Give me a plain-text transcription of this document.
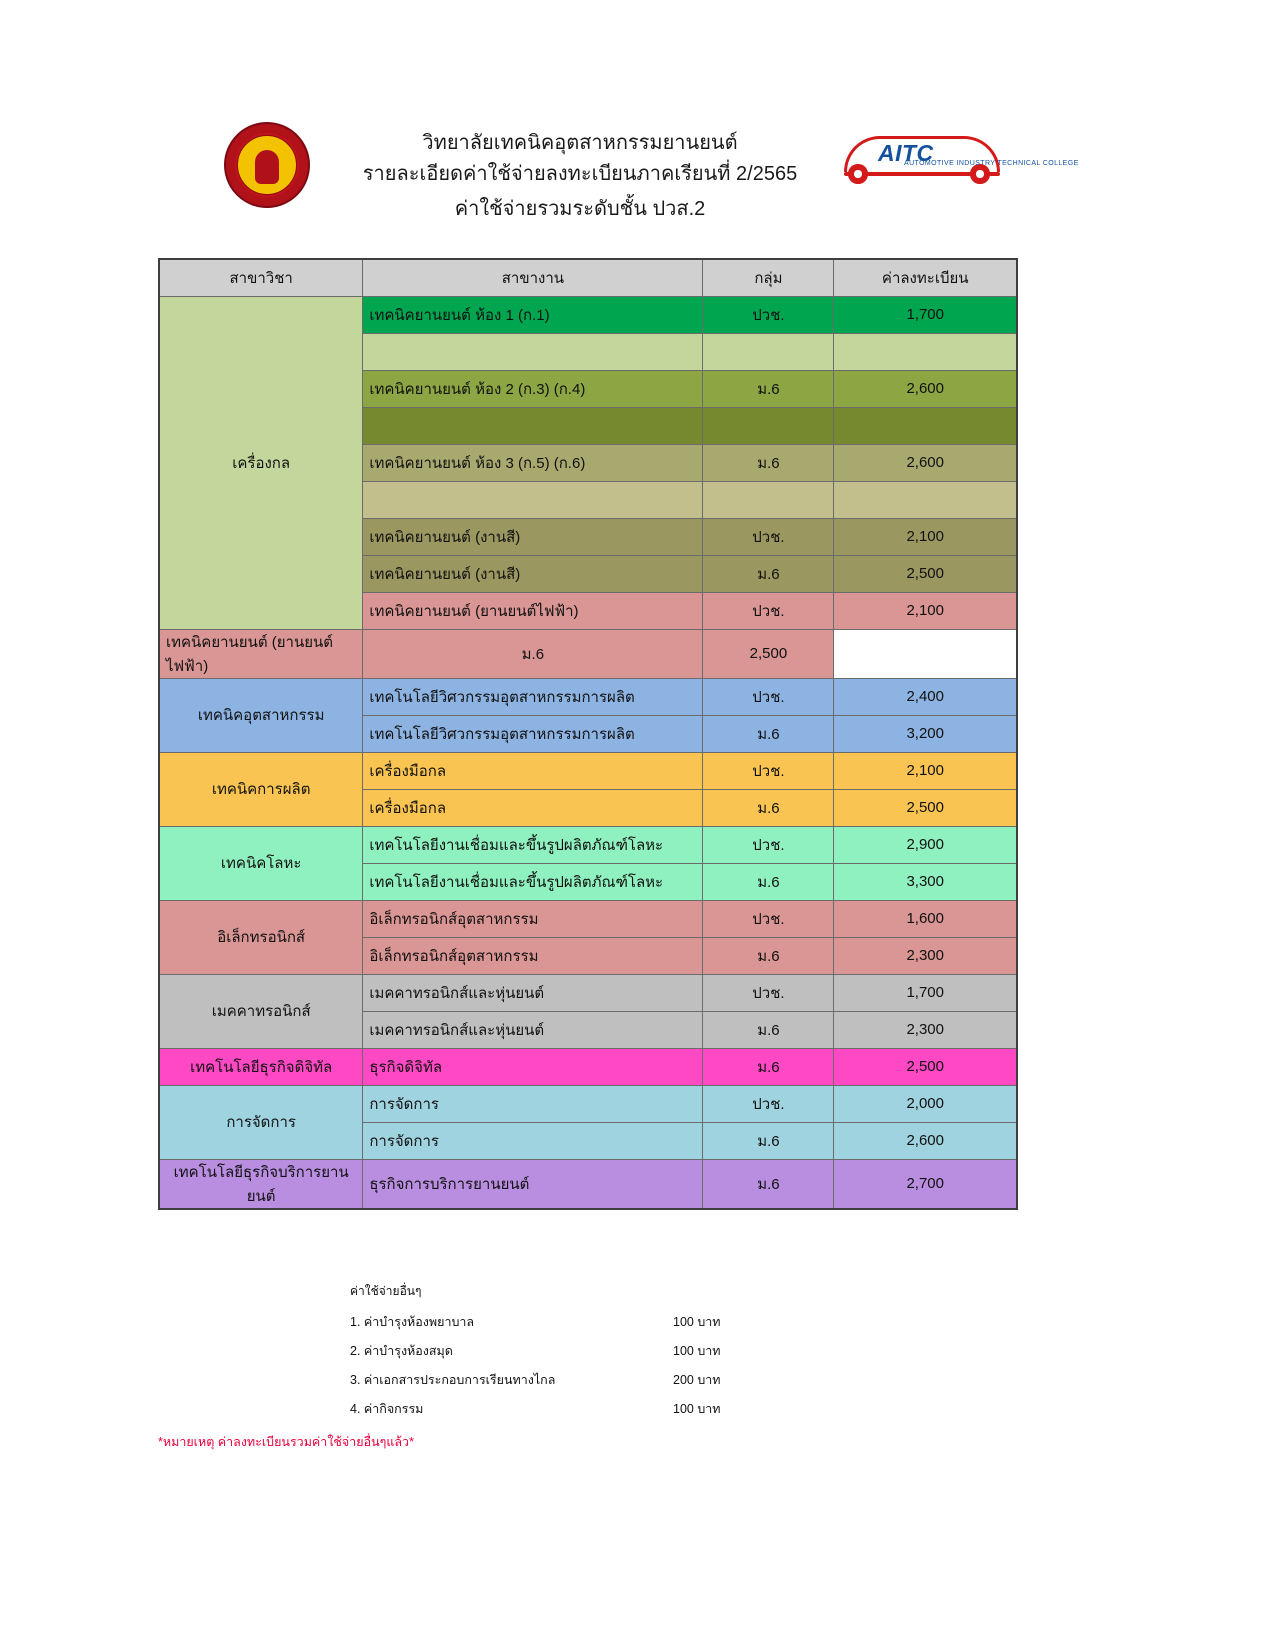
วิทยาลัยเทคนิคอุตสาหกรรมยานยนต์
รายละเอียดค่าใช้จ่ายลงทะเบียนภาคเรียนที่ 2/2565
ค่าใช้จ่ายรวมระดับชั้น ปวส.2
AITC
AUTOMOTIVE INDUSTRY TECHNICAL COLLEGE
สาขาวิชา	สาขางาน	กลุ่ม	ค่าลงทะเบียน
เครื่องกล	เทคนิคยานยนต์ ห้อง 1 (ก.1)	ปวช.	1,700

	เทคนิคยานยนต์ ห้อง 2 (ก.3) (ก.4)	ม.6	2,600

	เทคนิคยานยนต์ ห้อง 3 (ก.5) (ก.6)	ม.6	2,600

	เทคนิคยานยนต์ (งานสี)	ปวช.	2,100
	เทคนิคยานยนต์ (งานสี)	ม.6	2,500
	เทคนิคยานยนต์ (ยานยนต์ไฟฟ้า)	ปวช.	2,100
เทคนิคยานยนต์ (ยานยนต์ไฟฟ้า)	ม.6	2,500	
เทคนิคอุตสาหกรรม	เทคโนโลยีวิศวกรรมอุตสาหกรรมการผลิต	ปวช.	2,400
	เทคโนโลยีวิศวกรรมอุตสาหกรรมการผลิต	ม.6	3,200
เทคนิคการผลิต	เครื่องมือกล	ปวช.	2,100
	เครื่องมือกล	ม.6	2,500
เทคนิคโลหะ	เทคโนโลยีงานเชื่อมและขึ้นรูปผลิตภัณฑ์โลหะ	ปวช.	2,900
	เทคโนโลยีงานเชื่อมและขึ้นรูปผลิตภัณฑ์โลหะ	ม.6	3,300
อิเล็กทรอนิกส์	อิเล็กทรอนิกส์อุตสาหกรรม	ปวช.	1,600
	อิเล็กทรอนิกส์อุตสาหกรรม	ม.6	2,300
เมคคาทรอนิกส์	เมคคาทรอนิกส์และหุ่นยนต์	ปวช.	1,700
	เมคคาทรอนิกส์และหุ่นยนต์	ม.6	2,300
เทคโนโลยีธุรกิจดิจิทัล	ธุรกิจดิจิทัล	ม.6	2,500
การจัดการ	การจัดการ	ปวช.	2,000
	การจัดการ	ม.6	2,600
เทคโนโลยีธุรกิจบริการยานยนต์	ธุรกิจการบริการยานยนต์	ม.6	2,700
ค่าใช้จ่ายอื่นๆ
1. ค่าบำรุงห้องพยาบาล	100 บาท
2. ค่าบำรุงห้องสมุด	100 บาท
3. ค่าเอกสารประกอบการเรียนทางไกล	200 บาท
4. ค่ากิจกรรม	100 บาท
*หมายเหตุ ค่าลงทะเบียนรวมค่าใช้จ่ายอื่นๆแล้ว*
